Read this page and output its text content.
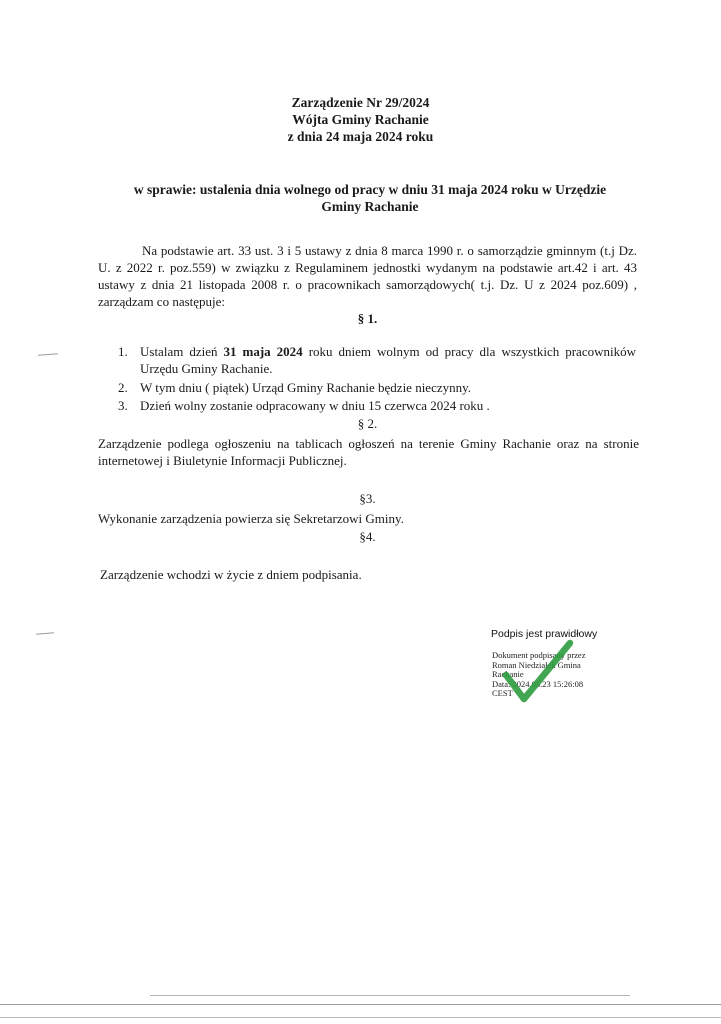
Zarządzenie Nr 29/2024
Wójta Gminy Rachanie
z dnia 24 maja 2024 roku
w sprawie: ustalenia dnia wolnego od pracy w dniu 31 maja 2024 roku w Urzędzie
Gminy Rachanie
Na podstawie art. 33 ust. 3 i 5 ustawy z dnia 8 marca 1990 r. o samorządzie gminnym (t.j Dz. U. z 2022 r. poz.559) w związku z Regulaminem jednostki wydanym na podstawie art.42 i art. 43 ustawy z dnia 21 listopada 2008 r. o pracownikach samorządowych( t.j. Dz. U z 2024 poz.609) , zarządzam co następuje:
§ 1.
1. Ustalam dzień 31 maja 2024 roku dniem wolnym od pracy dla wszystkich pracowników Urzędu Gminy Rachanie.
2. W tym dniu ( piątek) Urząd Gminy Rachanie będzie nieczynny.
3. Dzień wolny zostanie odpracowany w dniu 15 czerwca 2024 roku .
§ 2.
Zarządzenie podlega ogłoszeniu na tablicach ogłoszeń na terenie Gminy Rachanie oraz na stronie internetowej i Biuletynie Informacji Publicznej.
§3.
Wykonanie zarządzenia powierza się Sekretarzowi Gminy.
§4.
Zarządzenie wchodzi w życie z dniem podpisania.
Podpis jest prawidłowy
Dokument podpisany przez
Roman Niedziałek Gmina
Rachanie
Data: 2024.05.23 15:26:08
CEST
